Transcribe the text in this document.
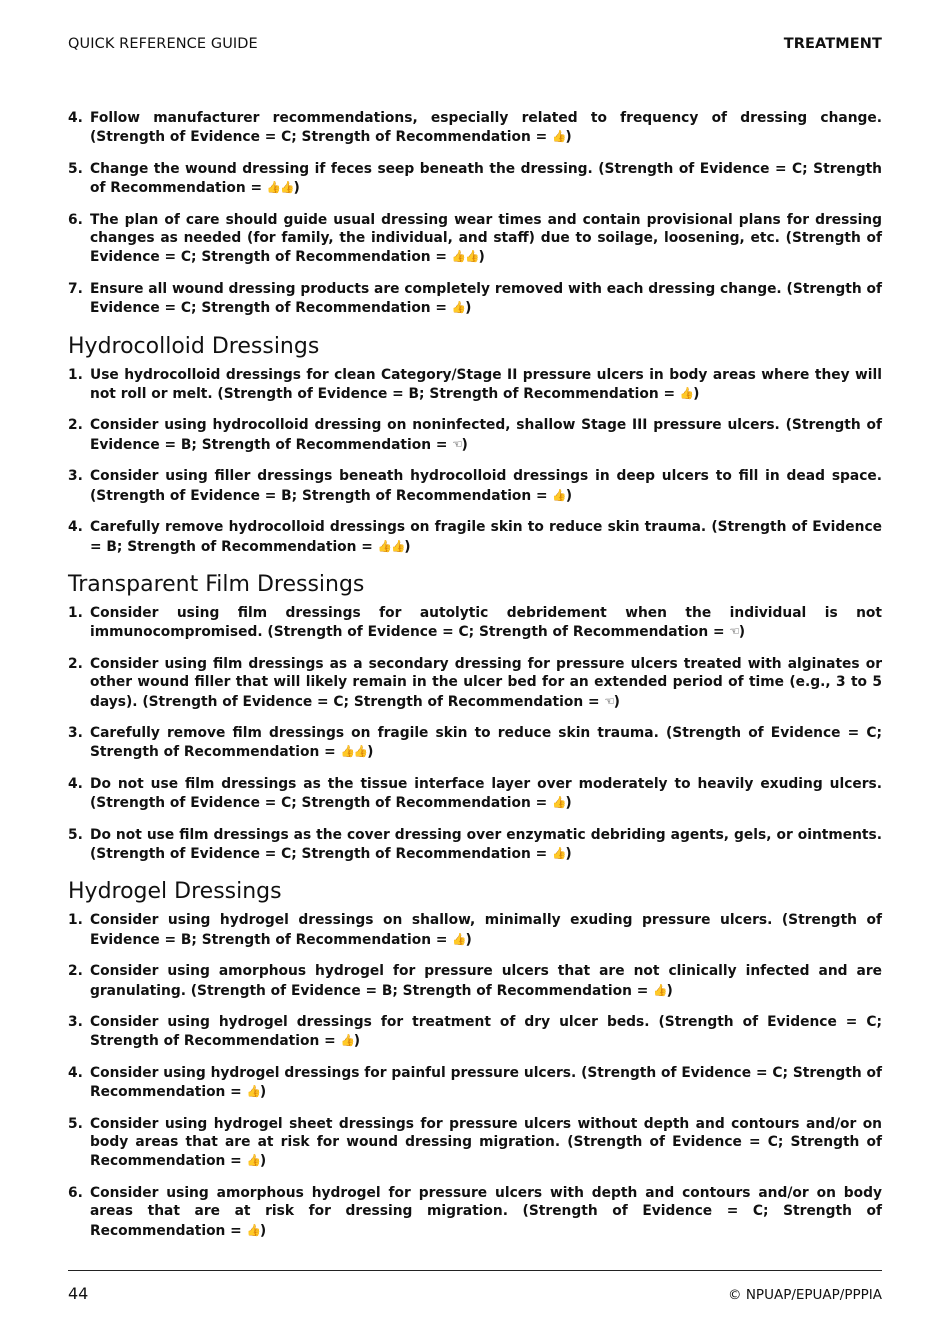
QUICK REFERENCE GUIDE	TREATMENT
4. Follow manufacturer recommendations, especially related to frequency of dressing change. (Strength of Evidence = C; Strength of Recommendation = 👍)
5. Change the wound dressing if feces seep beneath the dressing. (Strength of Evidence = C; Strength of Recommendation = 👍👍)
6. The plan of care should guide usual dressing wear times and contain provisional plans for dressing changes as needed (for family, the individual, and staff) due to soilage, loosening, etc. (Strength of Evidence = C; Strength of Recommendation = 👍👍)
7. Ensure all wound dressing products are completely removed with each dressing change. (Strength of Evidence = C; Strength of Recommendation = 👍)
Hydrocolloid Dressings
1. Use hydrocolloid dressings for clean Category/Stage II pressure ulcers in body areas where they will not roll or melt. (Strength of Evidence = B; Strength of Recommendation = 👍)
2. Consider using hydrocolloid dressing on noninfected, shallow Stage III pressure ulcers. (Strength of Evidence = B; Strength of Recommendation = ☜)
3. Consider using filler dressings beneath hydrocolloid dressings in deep ulcers to fill in dead space. (Strength of Evidence = B; Strength of Recommendation = 👍)
4. Carefully remove hydrocolloid dressings on fragile skin to reduce skin trauma. (Strength of Evidence = B; Strength of Recommendation = 👍👍)
Transparent Film Dressings
1. Consider using film dressings for autolytic debridement when the individual is not immunocompromised. (Strength of Evidence = C; Strength of Recommendation = ☜)
2. Consider using film dressings as a secondary dressing for pressure ulcers treated with alginates or other wound filler that will likely remain in the ulcer bed for an extended period of time (e.g., 3 to 5 days). (Strength of Evidence = C; Strength of Recommendation = ☜)
3. Carefully remove film dressings on fragile skin to reduce skin trauma. (Strength of Evidence = C; Strength of Recommendation = 👍👍)
4. Do not use film dressings as the tissue interface layer over moderately to heavily exuding ulcers. (Strength of Evidence = C; Strength of Recommendation = 👍)
5. Do not use film dressings as the cover dressing over enzymatic debriding agents, gels, or ointments. (Strength of Evidence = C; Strength of Recommendation = 👍)
Hydrogel Dressings
1. Consider using hydrogel dressings on shallow, minimally exuding pressure ulcers. (Strength of Evidence = B; Strength of Recommendation = 👍)
2. Consider using amorphous hydrogel for pressure ulcers that are not clinically infected and are granulating. (Strength of Evidence = B; Strength of Recommendation = 👍)
3. Consider using hydrogel dressings for treatment of dry ulcer beds. (Strength of Evidence = C; Strength of Recommendation = 👍)
4. Consider using hydrogel dressings for painful pressure ulcers. (Strength of Evidence = C; Strength of Recommendation = 👍)
5. Consider using hydrogel sheet dressings for pressure ulcers without depth and contours and/or on body areas that are at risk for wound dressing migration. (Strength of Evidence = C; Strength of Recommendation = 👍)
6. Consider using amorphous hydrogel for pressure ulcers with depth and contours and/or on body areas that are at risk for dressing migration. (Strength of Evidence = C; Strength of Recommendation = 👍)
44	© NPUAP/EPUAP/PPPIA
